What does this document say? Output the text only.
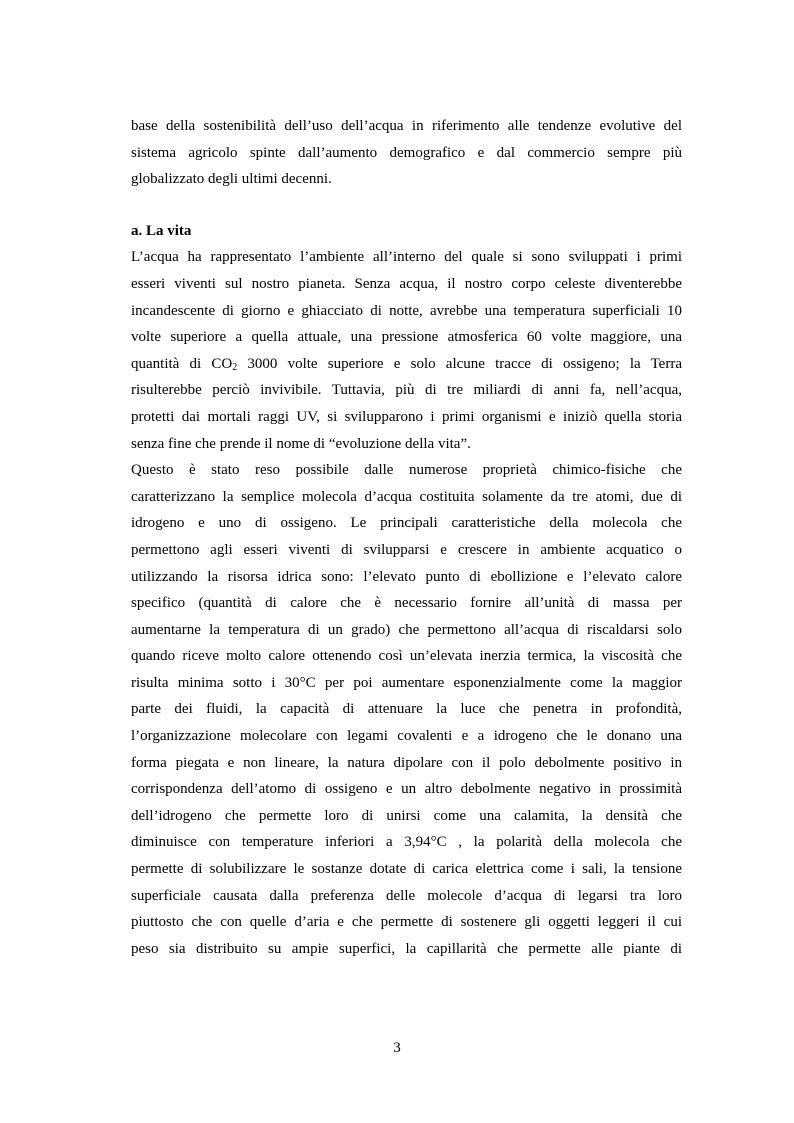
base della sostenibilità dell’uso dell’acqua in riferimento alle tendenze evolutive del
sistema agricolo spinte dall’aumento demografico e dal commercio sempre più
globalizzato degli ultimi decenni.

a. La vita

L’acqua ha rappresentato l’ambiente all’interno del quale si sono sviluppati i primi
esseri viventi sul nostro pianeta. Senza acqua, il nostro corpo celeste diventerebbe
incandescente di giorno e ghiacciato di notte, avrebbe una temperatura superficiali 10
volte superiore a quella attuale, una pressione atmosferica 60 volte maggiore, una
quantità di $CO_2$ 3000 volte superiore e solo alcune tracce di ossigeno; la Terra
risulterebbe perciò invivibile. Tuttavia, più di tre miliardi di anni fa, nell’acqua,
protetti dai mortali raggi UV, si svilupparono i primi organismi e iniziò quella storia
senza fine che prende il nome di “evoluzione della vita”.

Questo è stato reso possibile dalle numerose proprietà chimico-fisiche che
caratterizzano la semplice molecola d’acqua costituita solamente da tre atomi, due di
idrogeno e uno di ossigeno. Le principali caratteristiche della molecola che
permettono agli esseri viventi di svilupparsi e crescere in ambiente acquatico o
utilizzando la risorsa idrica sono: l’elevato punto di ebollizione e l’elevato calore
specifico (quantità di calore che è necessario fornire all’unità di massa per
aumentarne la temperatura di un grado) che permettono all’acqua di riscaldarsi solo
quando riceve molto calore ottenendo così un’elevata inerzia termica, la viscosità che
risulta minima sotto i 30°C per poi aumentare esponenzialmente come la maggior
parte dei fluidi, la capacità di attenuare la luce che penetra in profondità,
l’organizzazione molecolare con legami covalenti e a idrogeno che le donano una
forma piegata e non lineare, la natura dipolare con il polo debolmente positivo in
corrispondenza dell’atomo di ossigeno e un altro debolmente negativo in prossimità
dell’idrogeno che permette loro di unirsi come una calamita, la densità che
diminuisce con temperature inferiori a 3,94°C , la polarità della molecola che
permette di solubilizzare le sostanze dotate di carica elettrica come i sali, la tensione
superficiale causata dalla preferenza delle molecole d’acqua di legarsi tra loro
piuttosto che con quelle d’aria e che permette di sostenere gli oggetti leggeri il cui
peso sia distribuito su ampie superfici, la capillarità che permette alle piante di

3
